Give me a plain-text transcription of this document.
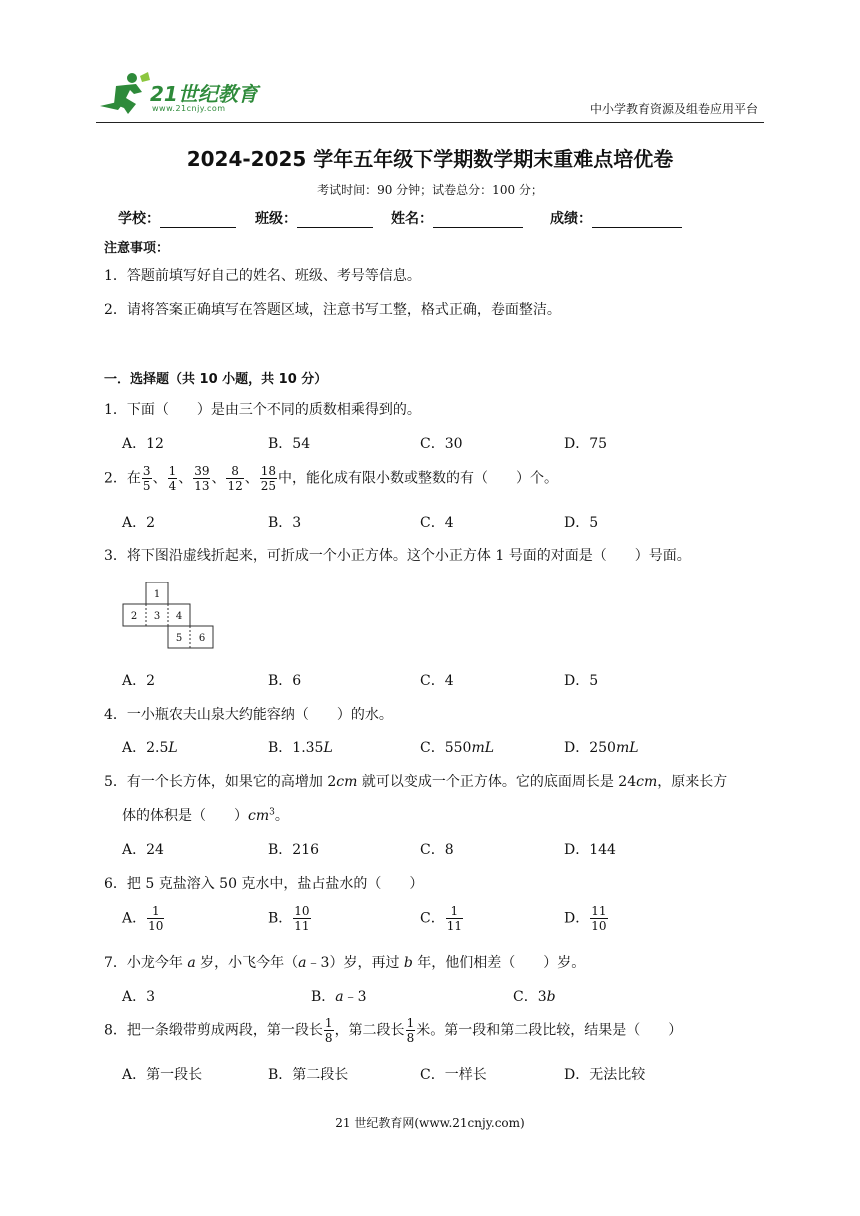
21世纪教育
www.21cnjy.com	中小学教育资源及组卷应用平台
2024-2025 学年五年级下学期数学期末重难点培优卷
考试时间：90 分钟；试卷总分：100 分；
学校：	班级：	姓名：	成绩：
注意事项：
1．答题前填写好自己的姓名、班级、考号等信息。
2．请将答案正确填写在答题区域，注意书写工整，格式正确，卷面整洁。
一．选择题（共 10 小题，共 10 分）
1．下面（　　）是由三个不同的质数相乘得到的。
A．12	B．54	C．30	D．75
2．在 $\frac{3}{5}$ 、 $\frac{1}{4}$ 、 $\frac{39}{13}$ 、 $\frac{8}{12}$ 、 $\frac{18}{25}$ 中，能化成有限小数或整数的有（　　）个。
A．2	B．3	C．4	D．5
3．将下图沿虚线折起来，可折成一个小正方体。这个小正方体 1 号面的对面是（　　）号面。
1
2 3 4
5 6
A．2	B．6	C．4	D．5
4．一小瓶农夫山泉大约能容纳（　　）的水。
A．2.5L	B．1.35L	C．550mL	D．250mL
5．有一个长方体，如果它的高增加 2cm 就可以变成一个正方体。它的底面周长是 24cm，原来长方
体的体积是（　　）$cm^3$。
A．24	B．216	C．8	D．144
6．把 5 克盐溶入 50 克水中，盐占盐水的（　　）
A． $\frac{1}{10}$	B． $\frac{10}{11}$	C． $\frac{1}{11}$	D． $\frac{11}{10}$
7．小龙今年 a 岁，小飞今年（a﹣3）岁，再过 b 年，他们相差（　　）岁。
A．3	B．a﹣3	C．3b
8．把一条缎带剪成两段，第一段长 $\frac{1}{8}$ ，第二段长 $\frac{1}{8}$ 米。第一段和第二段比较，结果是（　　）
A．第一段长	B．第二段长	C．一样长	D．无法比较
21 世纪教育网(www.21cnjy.com)
